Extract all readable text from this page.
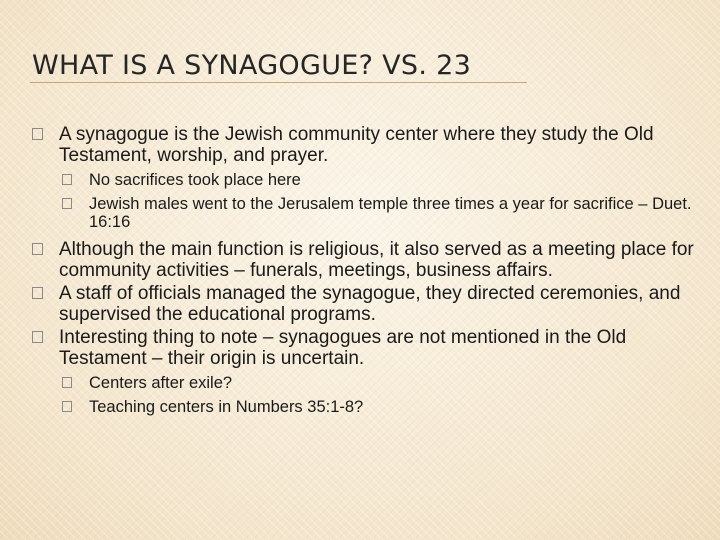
WHAT IS A SYNAGOGUE? VS. 23
A synagogue is the Jewish community center where they study the Old Testament, worship, and prayer.
No sacrifices took place here
Jewish males went to the Jerusalem temple three times a year for sacrifice – Duet. 16:16
Although the main function is religious, it also served as a meeting place for community activities – funerals, meetings, business affairs.
A staff of officials managed the synagogue, they directed ceremonies, and supervised the educational programs.
Interesting thing to note – synagogues are not mentioned in the Old Testament – their origin is uncertain.
Centers after exile?
Teaching centers in Numbers 35:1-8?
